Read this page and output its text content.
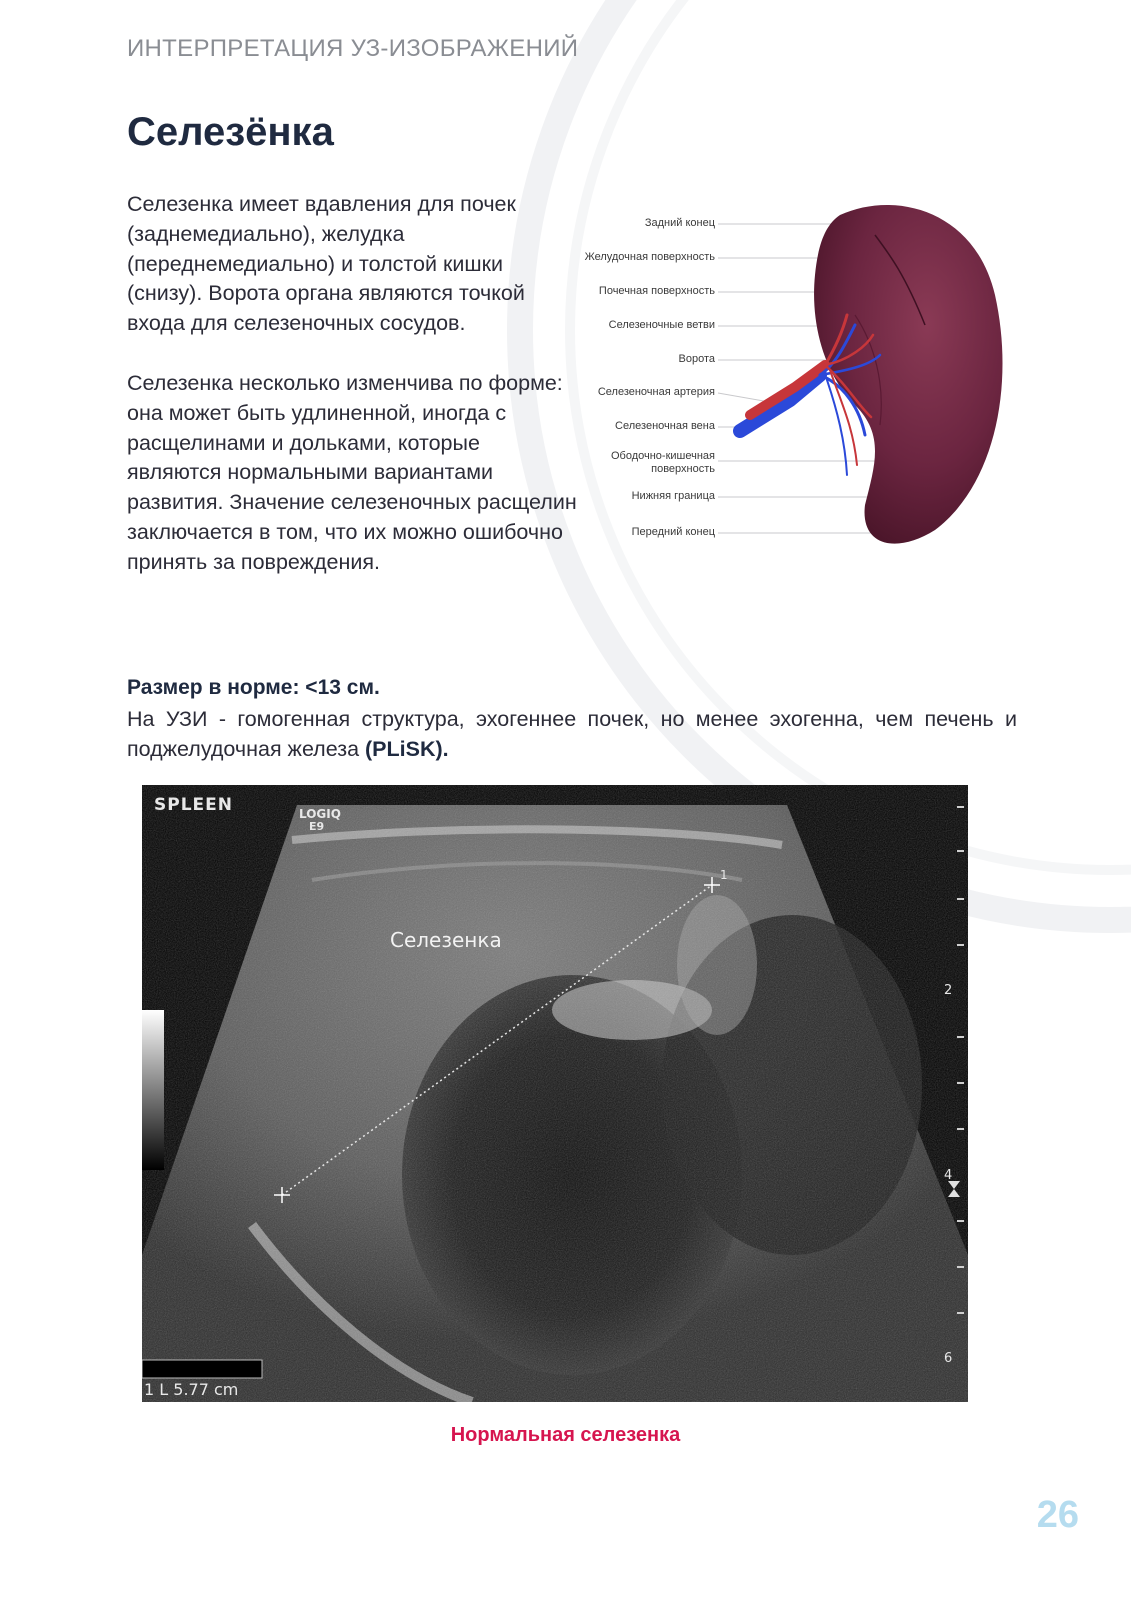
ИНТЕРПРЕТАЦИЯ УЗ-ИЗОБРАЖЕНИЙ
Селезёнка

Селезенка имеет вдавления для почек (заднемедиально), желудка (переднемедиально) и толстой кишки (снизу). Ворота органа являются точкой входа для селезеночных сосудов.

Селезенка несколько изменчива по форме: она может быть удлиненной, иногда с расщелинами и дольками, которые являются нормальными вариантами развития. Значение селезеночных расщелин заключается в том, что их можно ошибочно принять за повреждения.

Задний конец
Желудочная поверхность
Почечная поверхность
Селезеночные ветви
Ворота
Селезеночная артерия
Селезеночная вена
Ободочно-кишечная поверхность
Нижняя граница
Передний конец
Размер в норме: <13 см.
На УЗИ - гомогенная структура, эхогеннее почек, но менее эхогенна, чем печень и поджелудочная железа (PLiSK).
SPLEEN	LOGIQ
E9
Селезенка
1
2
4
6
1 L 5.77 cm
Нормальная селезенка
26
